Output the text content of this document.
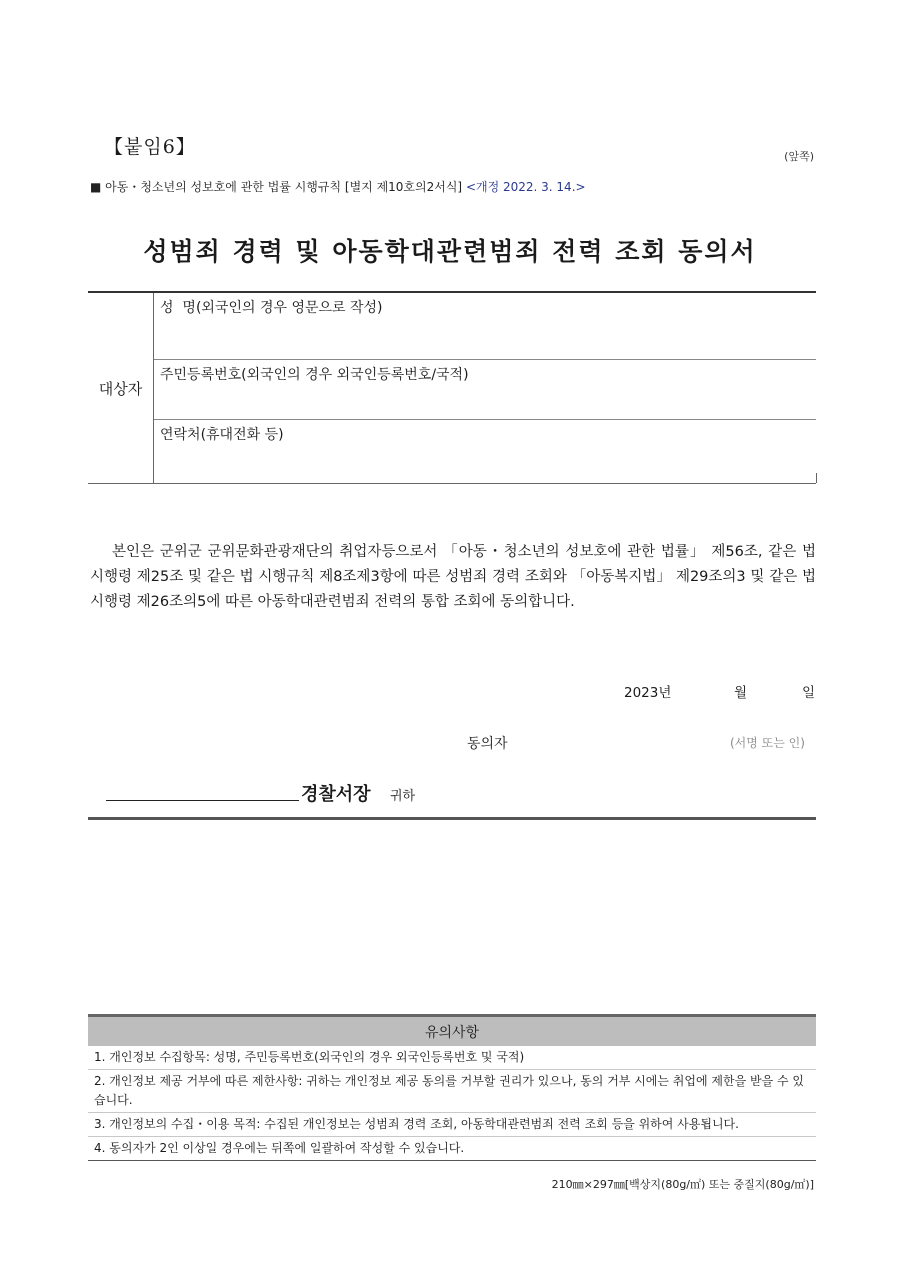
【붙임6】	(앞쪽)
■ 아동・청소년의 성보호에 관한 법률 시행규칙 [별지 제10호의2서식] <개정 2022. 3. 14.>
성범죄 경력 및 아동학대관련범죄 전력 조회 동의서
대상자
성  명(외국인의 경우 영문으로 작성)
주민등록번호(외국인의 경우 외국인등록번호/국적)
연락처(휴대전화 등)
본인은 군위군 군위문화관광재단의 취업자등으로서 「아동・청소년의 성보호에 관한 법률」 제56조, 같은 법 시행령 제25조 및 같은 법 시행규칙 제8조제3항에 따른 성범죄 경력 조회와 「아동복지법」 제29조의3 및 같은 법 시행령 제26조의5에 따른 아동학대관련범죄 전력의 통합 조회에 동의합니다.
2023년	월	일
동의자	(서명 또는 인)
경찰서장 귀하
유의사항
1. 개인정보 수집항목: 성명, 주민등록번호(외국인의 경우 외국인등록번호 및 국적)
2. 개인정보 제공 거부에 따른 제한사항: 귀하는 개인정보 제공 동의를 거부할 권리가 있으나, 동의 거부 시에는 취업에 제한을 받을 수 있습니다.
3. 개인정보의 수집・이용 목적: 수집된 개인정보는 성범죄 경력 조회, 아동학대관련범죄 전력 조회 등을 위하여 사용됩니다.
4. 동의자가 2인 이상일 경우에는 뒤쪽에 일괄하여 작성할 수 있습니다.
210㎜×297㎜[백상지(80g/㎡) 또는 중질지(80g/㎡)]
